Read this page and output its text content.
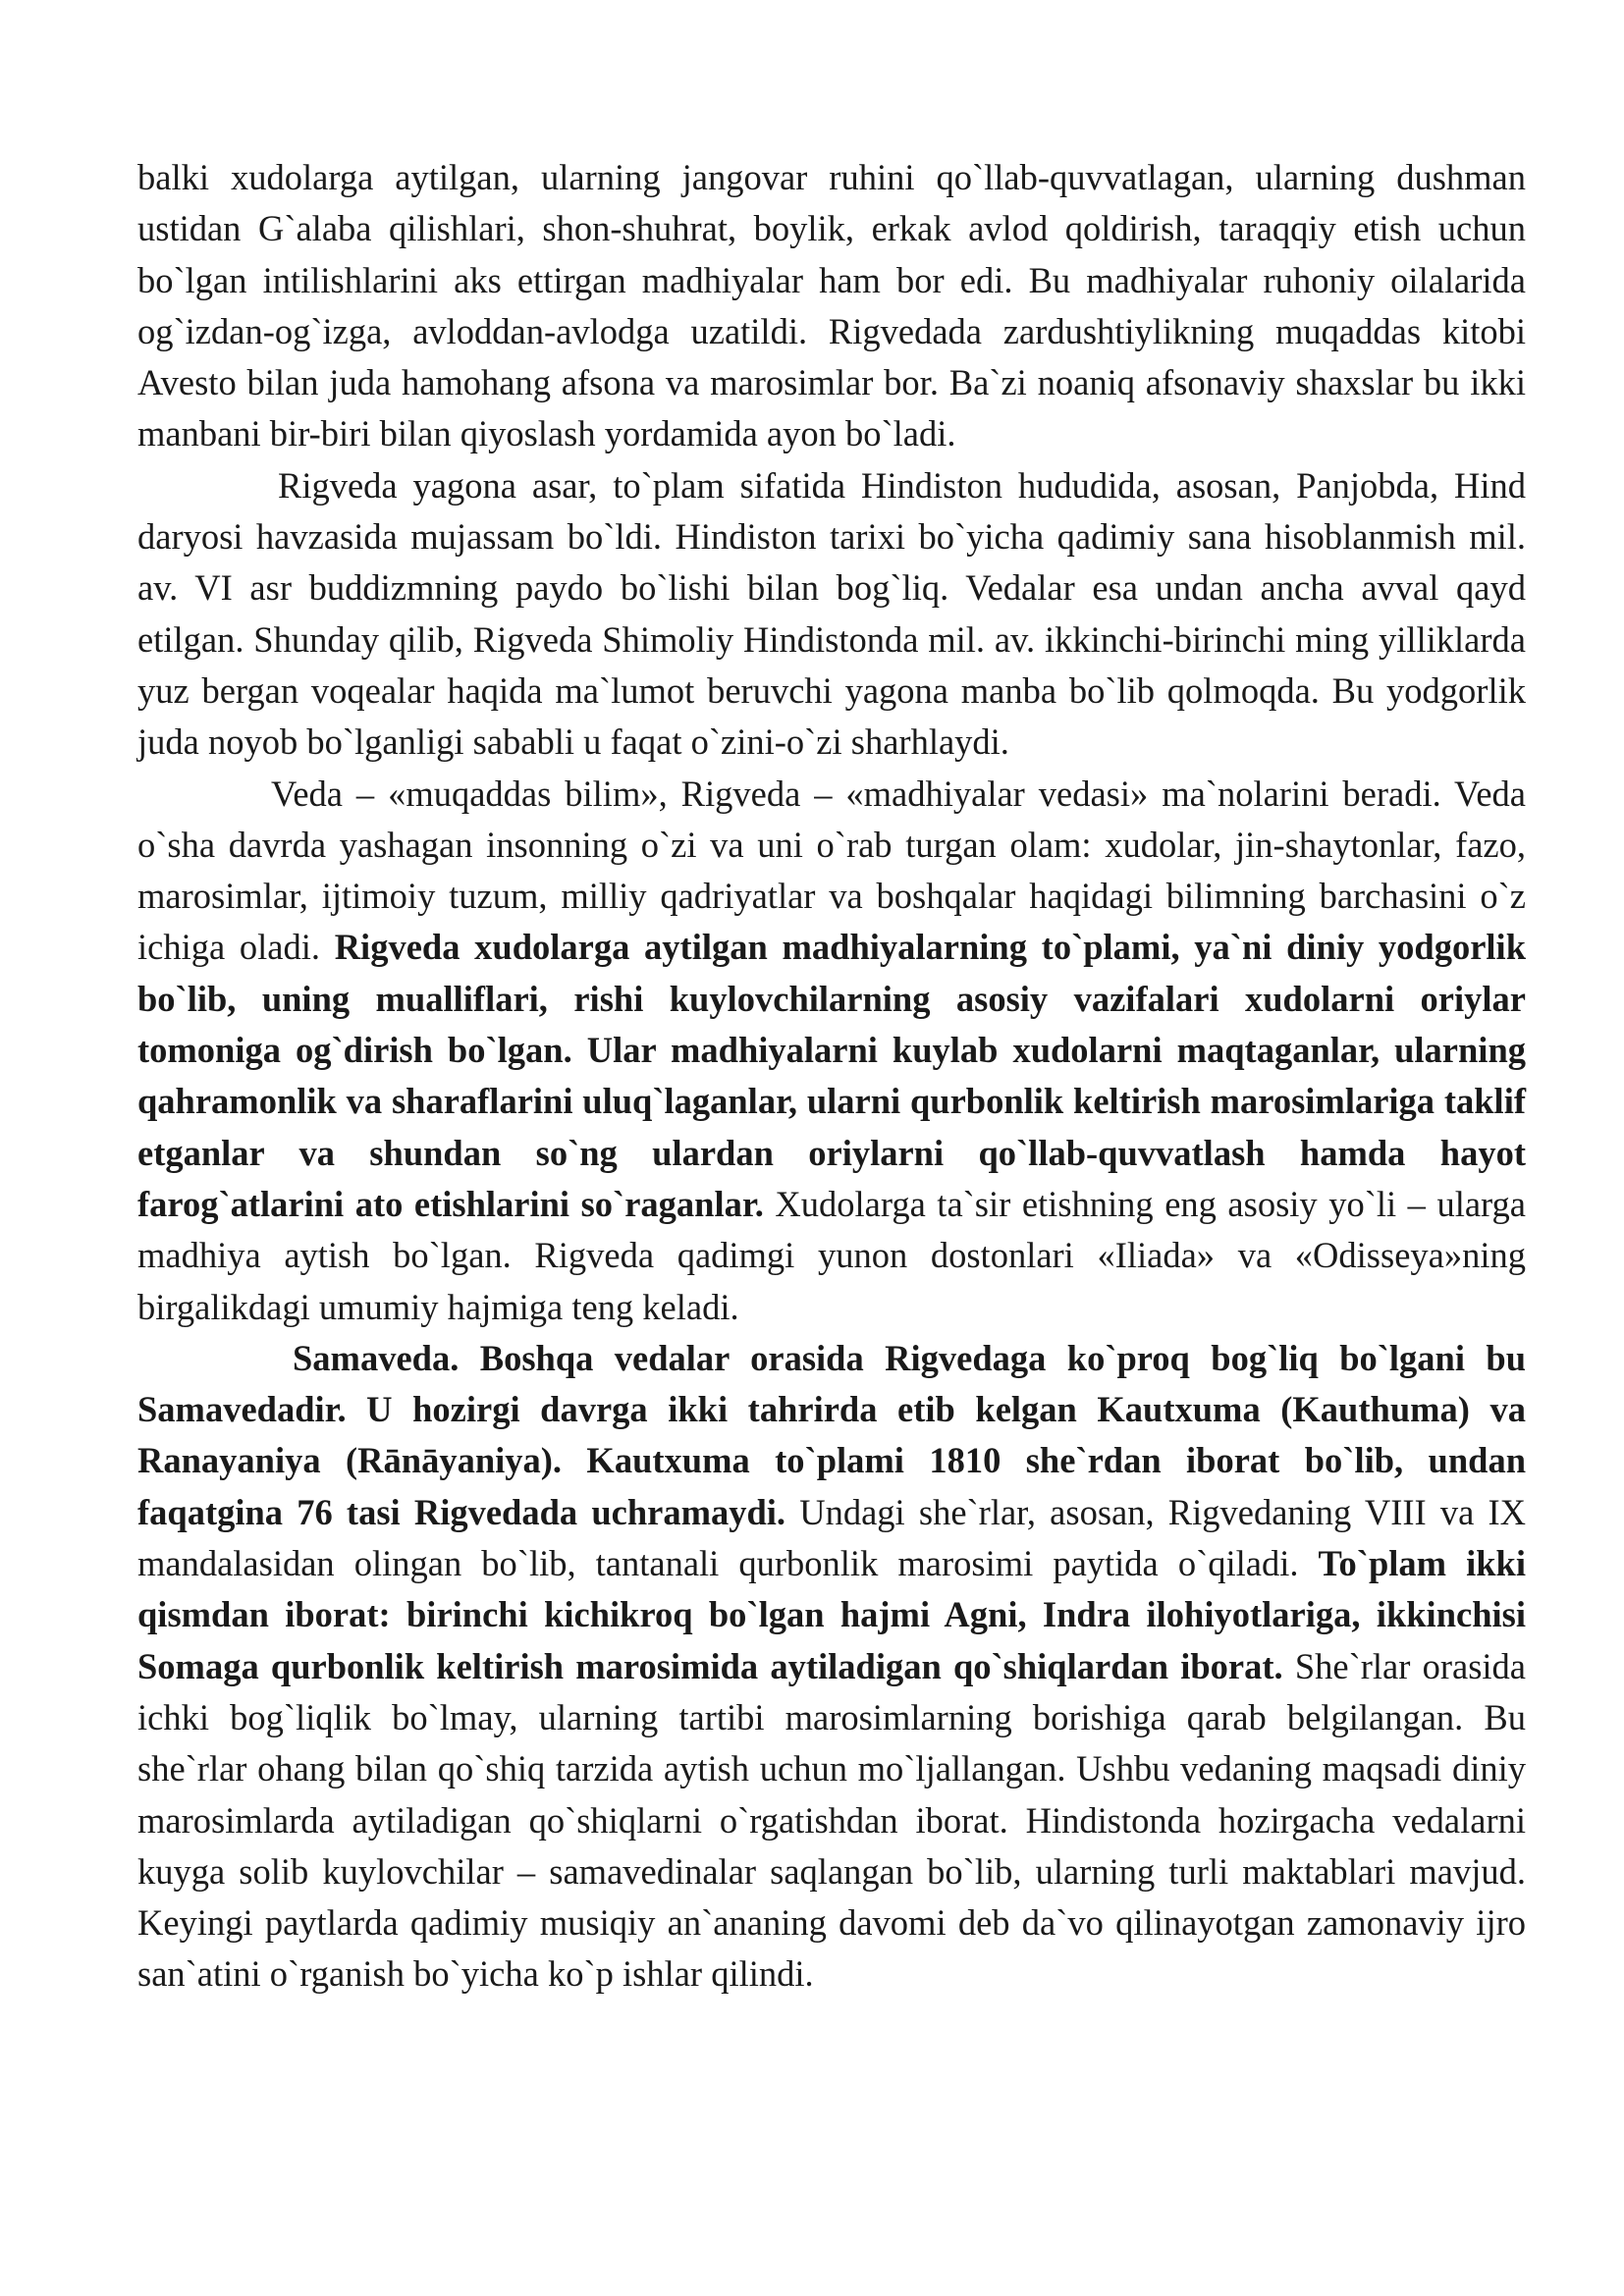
balki xudolarga aytilgan, ularning jangovar ruhini qo`llab-quvvatlagan, ularning dushman ustidan G`alaba qilishlari, shon-shuhrat, boylik, erkak avlod qoldirish, taraqqiy etish uchun bo`lgan intilishlarini aks ettirgan madhiyalar ham bor edi. Bu madhiyalar ruhoniy oilalarida og`izdan-og`izga, avloddan-avlodga uzatildi. Rigvedada zardushtiylikning muqaddas kitobi Avesto bilan juda hamohang afsona va marosimlar bor. Ba`zi noaniq afsonaviy shaxslar bu ikki manbani bir-biri bilan qiyoslash yordamida ayon bo`ladi.

Rigveda yagona asar, to`plam sifatida Hindiston hududida, asosan, Panjobda, Hind daryosi havzasida mujassam bo`ldi. Hindiston tarixi bo`yicha qadimiy sana hisoblanmish mil. av. VI asr buddizmning paydo bo`lishi bilan bog`liq. Vedalar esa undan ancha avval qayd etilgan. Shunday qilib, Rigveda Shimoliy Hindistonda mil. av. ikkinchi-birinchi ming yilliklarda yuz bergan voqealar haqida ma`lumot beruvchi yagona manba bo`lib qolmoqda. Bu yodgorlik juda noyob bo`lganligi sababli u faqat o`zini-o`zi sharhlaydi.

Veda – «muqaddas bilim», Rigveda – «madhiyalar vedasi» ma`nolarini beradi. Veda o`sha davrda yashagan insonning o`zi va uni o`rab turgan olam: xudolar, jin-shaytonlar, fazo, marosimlar, ijtimoiy tuzum, milliy qadriyatlar va boshqalar haqidagi bilimning barchasini o`z ichiga oladi. Rigveda xudolarga aytilgan madhiyalarning to`plami, ya`ni diniy yodgorlik bo`lib, uning mualliflari, rishi kuylovchilarning asosiy vazifalari xudolarni oriylar tomoniga og`dirish bo`lgan. Ular madhiyalarni kuylab xudolarni maqtaganlar, ularning qahramonlik va sharaflarini uluq`laganlar, ularni qurbonlik keltirish marosimlariga taklif etganlar va shundan so`ng ulardan oriylarni qo`llab-quvvatlash hamda hayot farog`atlarini ato etishlarini so`raganlar. Xudolarga ta`sir etishning eng asosiy yo`li – ularga madhiya aytish bo`lgan. Rigveda qadimgi yunon dostonlari «Iliada» va «Odisseya»ning birgalikdagi umumiy hajmiga teng keladi.

Samaveda. Boshqa vedalar orasida Rigvedaga ko`proq bog`liq bo`lgani bu Samavedadir. U hozirgi davrga ikki tahrirda etib kelgan Kautxuma (Kauthuma) va Ranayaniya (Rānāyaniya). Kautxuma to`plami 1810 she`rdan iborat bo`lib, undan faqatgina 76 tasi Rigvedada uchramaydi. Undagi she`rlar, asosan, Rigvedaning VIII va IX mandalasidan olingan bo`lib, tantanali qurbonlik marosimi paytida o`qiladi. To`plam ikki qismdan iborat: birinchi kichikroq bo`lgan hajmi Agni, Indra ilohiyotlariga, ikkinchisi Somaga qurbonlik keltirish marosimida aytiladigan qo`shiqlardan iborat. She`rlar orasida ichki bog`liqlik bo`lmay, ularning tartibi marosimlarning borishiga qarab belgilangan. Bu she`rlar ohang bilan qo`shiq tarzida aytish uchun mo`ljallangan. Ushbu vedaning maqsadi diniy marosimlarda aytiladigan qo`shiqlarni o`rgatishdan iborat. Hindistonda hozirgacha vedalarni kuyga solib kuylovchilar – samavedinalar saqlangan bo`lib, ularning turli maktablari mavjud. Keyingi paytlarda qadimiy musiqiy an`ananing davomi deb da`vo qilinayotgan zamonaviy ijro san`atini o`rganish bo`yicha ko`p ishlar qilindi.
